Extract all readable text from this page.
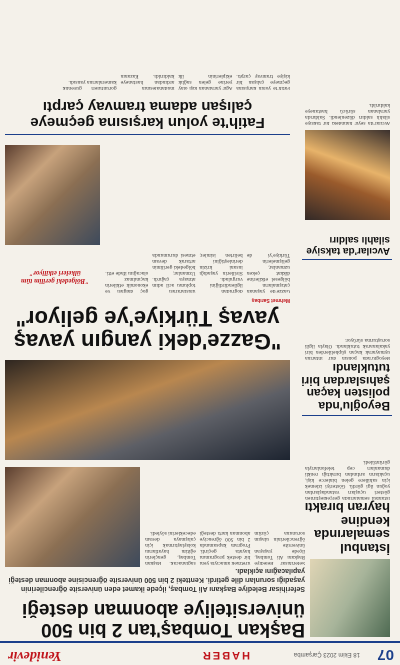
07
18 Ekim 2023 Çarşamba
HABER
Yenidevir
Başkan Tombaş'tan 2 bin 500 üniversiteliye abonman desteği
Seferihisar Belediye Başkanı Ali Tombaş, ilçede ikamet eden üniversite öğrencilerinin yaşadığı sorunları dile getirdi. Kentteki 2 bin 500 üniversite öğrencisine abonman desteği yapılacağını açıkladı.
Seferihisar Belediye Başkanı Ali Tombaş, ilçede yaşayan üniversite öğrencilerinin ulaşım sorununa çözüm üretmek amacıyla yeni bir destek programını hayata geçirdi. Program kapsamında 2 bin 500 öğrenciye abonman kartı desteği sağlanacak. Başkan Tombaş, gençlerin eğitim hayatlarını kolaylaştırmak için çalışmaya devam edeceklerini söyledi.
İstanbul semalarında kendine hayran bıraktı
İstanbul semalarında gerçekleştirilen gösteri uçuşları vatandaşlardan yoğun ilgi gördü. Gösteriyi izlemek için sahillere gelen binlerce kişi, uçakların ardından bıraktığı renkli dumanları cep telefonlarıyla görüntüledi.
Beyoğlu'nda polisten kaçan şahıslardan biri tutuklandı
Beyoğlu'nda polisin dur ihtarına uymayarak kaçan şüphelilerden biri yakalanarak tutuklandı. Olayla ilgili soruşturma sürüyor.
"Gazze'deki yangın yavaş yavaş Türkiye'ye geliyor"
Mehmet Sarıbaş
Gazze'de yaşanan çatışmaların bölgesel etkilerine dikkat çeken uzmanlar, gelişmelerin Türkiye'yi de doğrudan ilgilendirdiğini vurguladı. Sivillerin yaşadığı insani krizin derinleştiğini belirten isimler, uluslararası toplumu acil adım atmaya çağırdı. Uzmanlar, bölgedeki gerilimin artarak devam etmesi durumunda göç dalgası ve ekonomik etkilerin kaçınılmaz olacağını ifade etti.
"Bölgedeki gerilim tüm ülkeleri etkiliyor"
Avcılar'da taksiye silahlı saldırı
Avcılar'da seyir halindeki bir taksiye silahlı saldırı düzenlendi. Saldırıda yaralanan sürücü hastaneye kaldırıldı.
Fatih'te yolun karşısına geçmeye çalışan adama tramvay çarptı
Fatih'te yolun karşısına geçmeye çalışan bir kişiye tramvay çarptı. Ağır yaralanan kişi olay yerine gelen sağlık ekiplerinin ilk müdahalesinin ardından hastaneye kaldırıldı. Kazanın görüntüleri güvenlik kameralarına yansıdı.
